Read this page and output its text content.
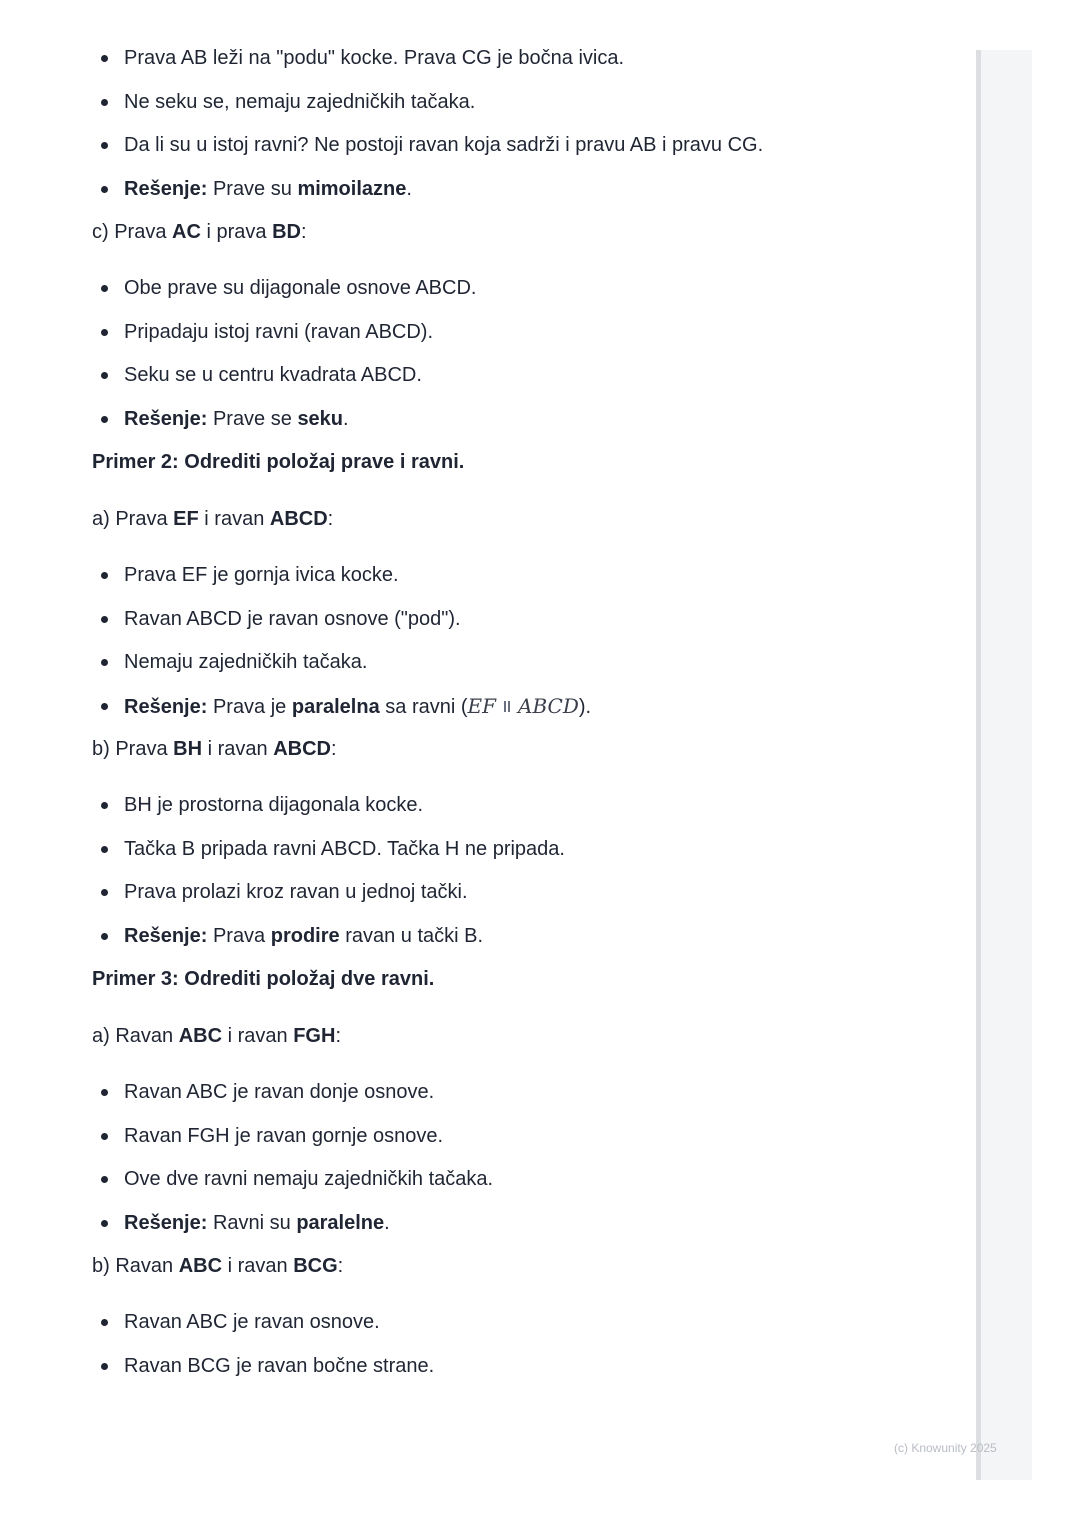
Prava AB leži na "podu" kocke. Prava CG je bočna ivica.
Ne seku se, nemaju zajedničkih tačaka.
Da li su u istoj ravni? Ne postoji ravan koja sadrži i pravu AB i pravu CG.
Rešenje: Prave su mimoilazne.

c) Prava AC i prava BD:

Obe prave su dijagonale osnove ABCD.
Pripadaju istoj ravni (ravan ABCD).
Seku se u centru kvadrata ABCD.
Rešenje: Prave se seku.

Primer 2: Odrediti položaj prave i ravni.

a) Prava EF i ravan ABCD:

Prava EF je gornja ivica kocke.
Ravan ABCD je ravan osnove ("pod").
Nemaju zajedničkih tačaka.
Rešenje: Prava je paralelna sa ravni (EF ABCD).

b) Prava BH i ravan ABCD:

BH je prostorna dijagonala kocke.
Tačka B pripada ravni ABCD. Tačka H ne pripada.
Prava prolazi kroz ravan u jednoj tački.
Rešenje: Prava prodire ravan u tački B.

Primer 3: Odrediti položaj dve ravni.

a) Ravan ABC i ravan FGH:

Ravan ABC je ravan donje osnove.
Ravan FGH je ravan gornje osnove.
Ove dve ravni nemaju zajedničkih tačaka.
Rešenje: Ravni su paralelne.

b) Ravan ABC i ravan BCG:

Ravan ABC je ravan osnove.
Ravan BCG je ravan bočne strane.
(c) Knowunity 2025
